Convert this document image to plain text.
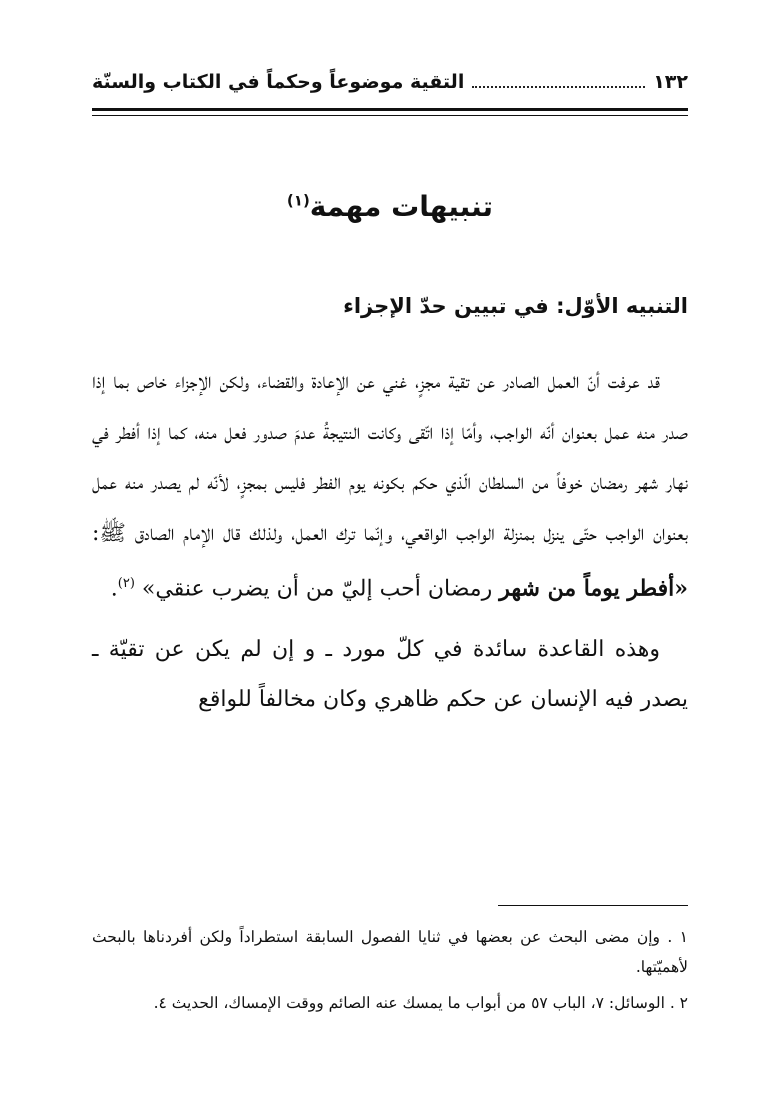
١٣٢
التقية موضوعاً وحكماً في الكتاب والسنّة
تنبيهات مهمة$^{(١)}$
التنبيه الأوّل: في تبيين حدّ الإجزاء

قد عرفت أنّ العمل الصادر عن تقية مجزٍ، غني عن الإعادة والقضاء، ولكن الإجزاء خاص بما إذا صدر منه عمل بعنوان أنّه الواجب، وأمّا إذا اتّقى وكانت النتيجةُ عدمَ صدور فعل منه، كما إذا أفطر في نهار شهر رمضان خوفاً من السلطان الّذي حكم بكونه يوم الفطر فليس بمجزٍ، لأنّه لم يصدر منه عمل بعنوان الواجب حتّى ينزل بمنزلة الواجب الواقعي، وإنّما ترك العمل، ولذلك قال الإمام الصادق ﷺ: «أفطر يوماً من شهر رمضان أحب إليّ من أن يضرب عنقي» $^{(٢)}$.

وهذه القاعدة سائدة في كلّ مورد ـ و إن لم يكن عن تقيّة ـ يصدر فيه الإنسان عن حكم ظاهري وكان مخالفاً للواقع

١ . وإن مضى البحث عن بعضها في ثنايا الفصول السابقة استطراداً ولكن أفردناها بالبحث لأهميّتها.

٢ . الوسائل: ٧، الباب ٥٧ من أبواب ما يمسك عنه الصائم ووقت الإمساك، الحديث ٤.
